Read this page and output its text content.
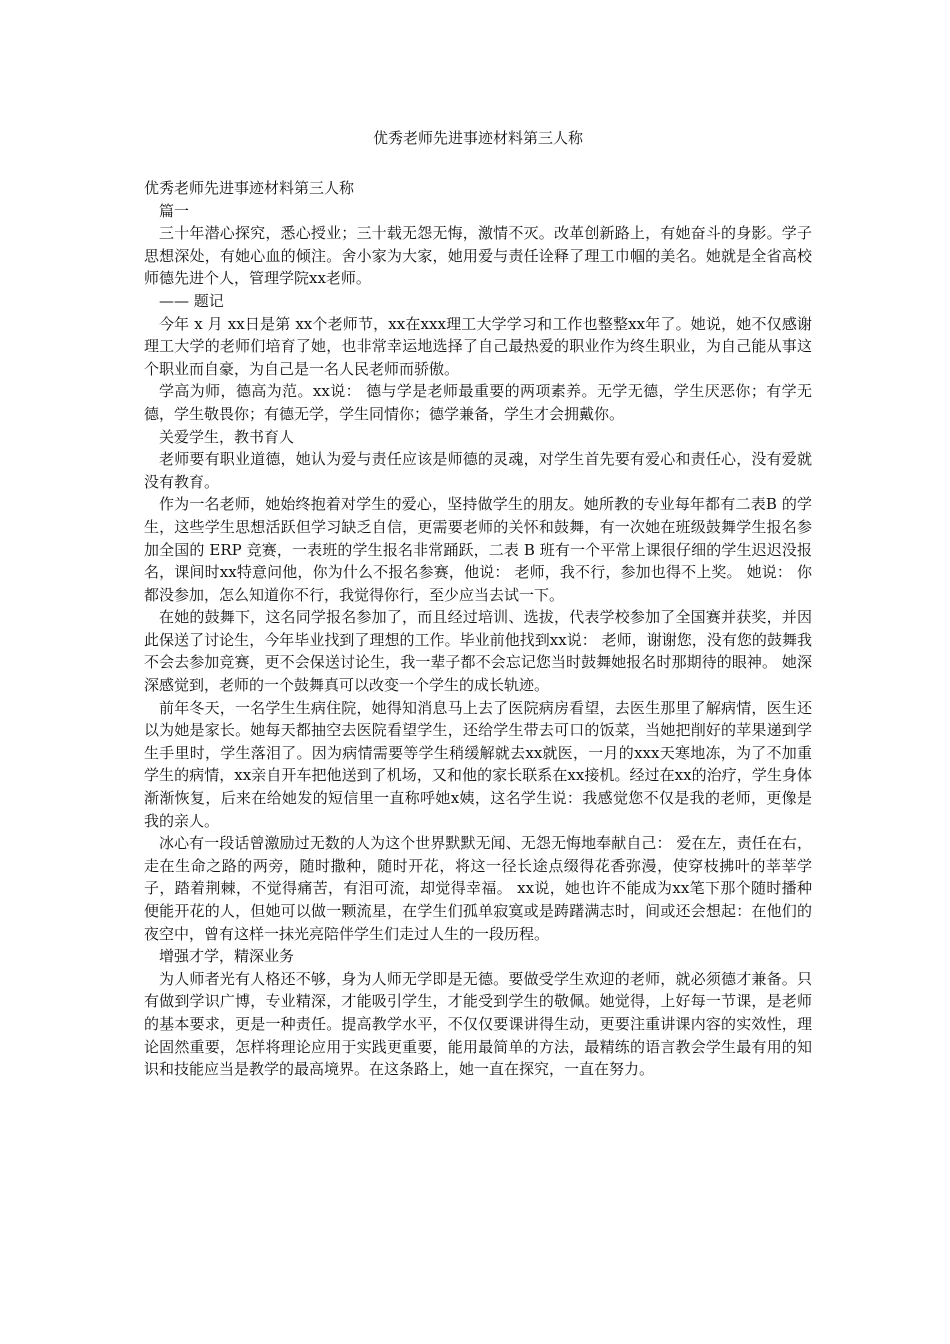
优秀老师先进事迹材料第三人称

优秀老师先进事迹材料第三人称

篇一

三十年潜心探究，悉心授业；三十载无怨无悔，激情不灭。改革创新路上，有她奋斗的身影。学子思想深处，有她心血的倾注。舍小家为大家，她用爱与责任诠释了理工巾帼的美名。她就是全省高校师德先进个人，管理学院xx老师。

—— 题记

今年 x 月 xx日是第 xx个老师节，xx在xxx理工大学学习和工作也整整xx年了。她说，她不仅感谢理工大学的老师们培育了她，也非常幸运地选择了自己最热爱的职业作为终生职业，为自己能从事这个职业而自豪，为自己是一名人民老师而骄傲。

学高为师，德高为范。xx说： 德与学是老师最重要的两项素养。无学无德，学生厌恶你；有学无德，学生敬畏你；有德无学，学生同情你；德学兼备，学生才会拥戴你。

关爱学生，教书育人

老师要有职业道德，她认为爱与责任应该是师德的灵魂，对学生首先要有爱心和责任心，没有爱就没有教育。

作为一名老师，她始终抱着对学生的爱心，坚持做学生的朋友。她所教的专业每年都有二表B 的学生，这些学生思想活跃但学习缺乏自信，更需要老师的关怀和鼓舞，有一次她在班级鼓舞学生报名参加全国的 ERP 竞赛，一表班的学生报名非常踊跃，二表 B 班有一个平常上课很仔细的学生迟迟没报名，课间时xx特意问他，你为什么不报名参赛，他说： 老师，我不行，参加也得不上奖。 她说： 你都没参加，怎么知道你不行，我觉得你行，至少应当去试一下。

在她的鼓舞下，这名同学报名参加了，而且经过培训、选拔，代表学校参加了全国赛并获奖，并因此保送了讨论生，今年毕业找到了理想的工作。毕业前他找到xx说： 老师，谢谢您，没有您的鼓舞我不会去参加竞赛，更不会保送讨论生，我一辈子都不会忘记您当时鼓舞她报名时那期待的眼神。 她深深感觉到，老师的一个鼓舞真可以改变一个学生的成长轨迹。

前年冬天，一名学生生病住院，她得知消息马上去了医院病房看望，去医生那里了解病情，医生还以为她是家长。她每天都抽空去医院看望学生，还给学生带去可口的饭菜，当她把削好的苹果递到学生手里时，学生落泪了。因为病情需要等学生稍缓解就去xx就医，一月的xxx天寒地冻，为了不加重学生的病情，xx亲自开车把他送到了机场，又和他的家长联系在xx接机。经过在xx的治疗，学生身体渐渐恢复，后来在给她发的短信里一直称呼她x姨，这名学生说：我感觉您不仅是我的老师，更像是我的亲人。

冰心有一段话曾激励过无数的人为这个世界默默无闻、无怨无悔地奉献自己： 爱在左，责任在右，走在生命之路的两旁，随时撒种，随时开花，将这一径长途点缀得花香弥漫，使穿枝拂叶的莘莘学子，踏着荆棘，不觉得痛苦，有泪可流，却觉得幸福。 xx说，她也许不能成为xx笔下那个随时播种便能开花的人，但她可以做一颗流星，在学生们孤单寂寞或是踌躇满志时，间或还会想起：在他们的夜空中，曾有这样一抹光亮陪伴学生们走过人生的一段历程。

增强才学，精深业务

为人师者光有人格还不够，身为人师无学即是无德。要做受学生欢迎的老师，就必须德才兼备。只有做到学识广博，专业精深，才能吸引学生，才能受到学生的敬佩。她觉得，上好每一节课，是老师的基本要求，更是一种责任。提高教学水平，不仅仅要课讲得生动，更要注重讲课内容的实效性，理论固然重要，怎样将理论应用于实践更重要，能用最简单的方法，最精练的语言教会学生最有用的知识和技能应当是教学的最高境界。在这条路上，她一直在探究，一直在努力。
